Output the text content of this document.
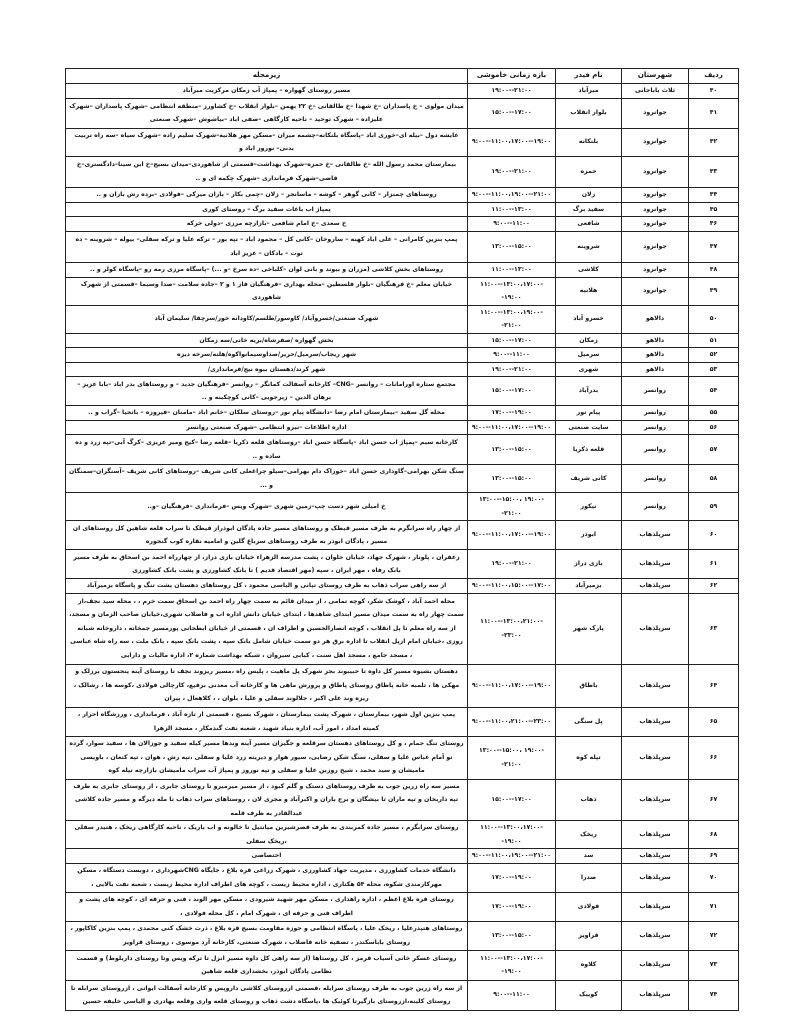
ردیف	شهرستان	نام فیدر	بازه زمانی خاموشی	زیرمحله
۴۰	ثلاث باباجانی	میرآباد	۱۹:۰۰--۲۱:۰۰	مسیر روستای گهواره – پمپاژ آب زمکان مرکزیت میرآباد
۴۱	جوانرود	بلوار انقلاب	۱۵:۰۰--۱۷:۰۰	میدان مولوی – خ پاسداران –خ شهدا –خ طالقانی –خ ۲۲ بهمن –بلوار انقلاب –خ کشاورز –منطقه انتظامی –شهرک پاسداران –شهرک علیزاده – شهرک توحید – ناحیه کارگاهی –صفی اباد –بیاشوش –شهرک صنعتی
۴۲	جوانرود	بلنکانه	۹:۰۰--۱۱:۰۰،۱۷:۰۰--۱۹:۰۰	عایشه دول –بیله ای–خوری اباد –پاسگاه بلنکانه–چشمه میران –مسکن مهر هلانیه–شهرک سلیم زاده –شهرک سیاه –سه راه تربیت بدنی– نوروز اباد و
۴۳	جوانرود	حمزه	۱۹:۰۰--۲۱:۰۰	بیمارستان محمد رسول الله –خ طالقانی –خ حمزه–شهرک بهداشت–قسمتی از شاهوردی–میدان بسیج–خ ابن سینا–دادگستری–خ قاضی–شهرک فرمانداری –شهرک چکمه ای و ..
۴۴	جوانرود	زلان	۹:۰۰--۱۱:۰۰،۱۹:۰۰--۲۱:۰۰	روستاهای چمنزار – کانی گوهر – کوشه – ماسانجر – زلان –چمی بکار – باران میرکی –فولادی –برده رش بازان و ..
۴۵	جوانرود	سفید برگ	۱۱:۰۰--۱۳:۰۰	پمپاژ اب باغات سفید برگ – روستای کوری
۴۶	جوانرود	شافعی	۹:۰۰--۱۱:۰۰	خ سعدی –خ امام شافعی –بازارچه مرزی –دولی خرکه
۴۷	جوانرود	شروینه	۱۳:۰۰--۱۵:۰۰	پمپ بنزین کامرانی – علی اباد کهنه – ساروخان –کانی کل – محمود اباد – تپه بور – ترکه علیا و ترکه سفلی– بیوله – شروینه – ده توت – بادکان – عزیز اباد
۴۸	جوانرود	کلاشی	۱۱:۰۰--۱۳:۰۰	روستاهای بخش کلاشی (مزران و بیوند و بانی لوان –کلباخی –ده سرخ –و ...) –پاسگاه مرزی رمه رو –پاسگاه کولر و ..
۴۹	جوانرود	هلانیه	۱۱:۰۰--۱۳:۰۰،۱۷:۰۰--۱۹:۰۰	خیابان معلم –خ فرهنگیان –بلوار فلسطین –محله بهداری –فرهنگیان فاز ۱ و ۲ –جاده سلامت –صدا وسیما –قسمتی از شهرک شاهوردی
۵۰	دالاهو	خسرو آباد	۱۱:۰۰--۱۳:۰۰،۱۹:۰۰--۲۱:۰۰	شهرک صنعتی/خسروآباد/ کاوسور/طلسم/کاودانه خور/سرچقا/ سلیمان آباد
۵۱	دالاهو	زمکان	۱۵:۰۰--۱۷:۰۰	بخش گهواره /صفرشاه/بریه خانی/سه زمکان
۵۲	دالاهو	سرمیل	۹:۰۰--۱۱:۰۰	شهر ریجاب/سرمیل/حریر/صداوسیمانواکوه/هلته/سرخه دیزه
۵۳	دالاهو	شهری	۱۹:۰۰--۲۱:۰۰	شهر کرند/دهستان بیوه نیج/فرمانداری/
۵۴	روانسر	بدرآباد	۱۵:۰۰--۱۷:۰۰	مجتمع ستاره اورامانات – روانسر –CNG– کارخانه آسفالت کمانگر – روانسر –فرهنگیان جدید – و روستاهای بدر اباد –بابا عزیز –برهان الدین – زیرجویی –کانی کوچکینه و ..
۵۵	روانسر	پیام نور	۱۷:۰۰--۱۹:۰۰	محله گل سفید –بیمارستان امام رضا –دانشگاه پیام نور –روستای سلکان –خانم اباد –مامنان –فیروزه – باتجیا –گراب و ..
۵۶	روانسر	سایت صنعتی	۹:۰۰--۱۱:۰۰،۱۷:۰۰--۱۹:۰۰	اداره اطلاعات –نیرو انتظامی –شهرک صنعتی روانسر
۵۷	روانسر	قلعه ذکریا	۱۳:۰۰--۱۵:۰۰	کارخانه سیم –پمپاژ اب حسن اباد –پاسگاه حسن اباد –روستاهای قلعه ذکریا –قلعه رضا –کیج ومیر عزیزی –کرگ آبی–تپه زرد و ده ساده و ..
۵۸	روانسر	کانی شریف	۱۳:۰۰--۱۵:۰۰	سنگ شکن بهرامی–گاوداری حسن اباد –خوراک دام بهرامی–سیلو چراغعلی کانی شریف –روستاهای کانی شریف –آسنگران–سمنگان و ...
۵۹	روانسر	نیکور	۱۳:۰۰--۱۵:۰۰، ۱۹:۰۰--۲۱:۰۰	خ امیلی شهر دست چپ–زمین شهری –شهرک ویس –فرمانداری –فرهنگیان –و..
۶۰	سرپلذهاب	ابوذر	۹:۰۰--۱۱:۰۰،۱۷:۰۰--۱۹:۰۰	از چهار راه سرابگرم به طرف مسیر قیطک و روستاهای مسیر جاده پادگان ابوذراز قیطک تا سراب قلعه شاهین کل روستاهای ان مسیر ، پادگان ابوذر به طرف روستاهای سرباغ گلین و امامیه نقاره کوب گنجوره
۶۱	سرپلذهاب	بازی دراز	۱۹:۰۰--۲۱:۰۰	زعفران ، پلونار ، شهرک جهاد، خیابان حلوان ، پشت مدرسه الزهراء خیابان بازی دراز، از چهارراه احمد بن اسحاق به طرف مسیر بانک رفاه ، مهر ایران ، سپه (مهر اقتصاد قدیم ) تا بانک کشاورزی و پشت بانک کشاورزی
۶۲	سرپلذهاب	بزمیرآباد	۹:۰۰--۱۱:۰۰،۱۵:۰۰--۱۷:۰۰	از سه راهی سراب ذهاب به طرف روستای تپانی و الیاسی محمود ، کل روستاهای دهستان پشت تنگ و پاسگاه بزمیرآباد
۶۳	سرپلذهاب	پارک شهر	۱۱:۰۰--۱۳:۰۰،۲۱:۰۰--۲۳:۰۰	محله احمد آباد ، کوشک شکر، کوچه تمامی ، از میدان قائم به سمت چهار راه احمد بن اسحاق سمت خرم ، ، محله سید نجف،از سمت چهار راه به سمت میدان مسیر ابتدای شاهدها ، ابتدای خیابان دانش اداره اب و فاضلاب شهری،خیابان صاحب الزمان و مسجد، از سه راه معلم تا پل انقلاب ، کوچه انصارالحسین و اطراف ان ، قسمتی از خیابان ابطحانی پورمسیر جمخانه ، داروخانه شبانه روزی ،خیابان امام ازپل انقلاب تا اداره برق هر دو سمت خیابان شامل بانک سپه ، پشت بانک سپه ، بانک ملت ، سه راه شاه عباسی ، مسجد جامع ، مسجد اهل سنت ، کبابی سیروان ، شبکه بهداشت شماره ۲، اداره مالیات و دارایی
۶۴	سرپلذهاب	باطاق	۹:۰۰--۱۱:۰۰،۱۷:۰۰--۱۹:۰۰	دهستان بشیوه مسیر کل داوه تا حبیبوند بجز شهرک پل ماهیت ، پلیس راه ،مسیر ریزوند نجف تا روستای آینه پنجستون برزلک و مهکی ها ، تلمبه خانه پاطاق روستای پاطاق و پرورش ماهی ها و کارخانه آب معدنی برفیع، کارچالی فولادی ،کوسه ها ، رشالک ، ریزه وند علی اکبر ، جلالوند سفلی و علیا ، بلوان ، ، کلاهعال ، پیران
۶۵	سرپلذهاب	پل سنگی	۹:۰۰--۱۱:۰۰،۲۱:۰۰--۲۳:۰۰	پمپ بنزین اول شهر، بیمارستان ، شهرک پشت بیمارستان ، شهرک بسیج ، قسمتی از تازه آباد ، فرمانداری ، ورزشگاه احرار ، کمیته امداد ، امور آب، اداره بنیاد شهید ، شعبه نفت گندمکار ، مسجد الزهرا
۶۶	سرپلذهاب	تپله کوه	۱۳:۰۰--۱۵:۰۰، ۱۹:۰۰--۲۱:۰۰	روستای تنگ حمام ، و کل روستاهای دهستان سرقلعه و جگیران مسیر آینه وندها مسیر کیله سفید و جوزالان ها ، سفید سوار، گرده تو آمام عباس علیا و سفلی، سنگ شکن رضایی، سیور هوار و دیرینه زرد علیا و سفلی ،تپه رش ، هوان ، تپه کنعان ، باویسی مامیشان و سید محمد ، شیخ روزبن علیا و سفلی و تپه نوروز و پمپاژ آب سراب مامیشان بازارچه تپله کوه
۶۷	سرپلذهاب	ذهاب	۱۵:۰۰--۱۷:۰۰	مسیر سه راه زرین جوب به طرف روستاهای دستک و گلم کبود ، از مسیر میرمیرو تا روستای جابری ، از روستای جابری به طرف تپه داربخان و تپه ماران تا بیشگان و برج باران و اکبرآباد و مجری لان ، روستاهای سراب ذهاب تا مله دیزگه و مسیر جاده کلاشی عبدالقادر به طرف قلمه
۶۸	سرپلذهاب	ریخک	۱۱:۰۰--۱۳:۰۰،۱۷:۰۰--۱۹:۰۰	روستای سرابگرم ، مسیر جاده کمربندی به طرف قصرشیرین میانتیل تا خالونه و اب باریک ، ناحیه کارگاهی ریخک ، هتیدر سفلی ،ریخک سفلی
۶۹	سرپلذهاب	سد	۹:۰۰--۱۱:۰۰،۱۹:۰۰--۲۱:۰۰	اختصاصی
۷۰	سرپلذهاب	صدرا	۱۷:۰۰--۱۹:۰۰	دانشگاه خدمات کشاورزی ، مدیریت جهاد کشاورزی ، شهرک زراعی قره بلاغ ، جایگاه CNGشهرداری ، دوبست دستگاه ، مسکن مهرکارمندی شکوه، محله ۵۴ هکتاری ، اداره محیط زیست ، کوچه های اطراف اداره محیط زیست ، شعبه نفت بالایی ،
۷۱	سرپلذهاب	فولادی	۱۷:۰۰--۱۹:۰۰	روستای قره بلاغ اعظم ، اداره راهداری ، مسکن مهر شهید شیرودی ، مسکن مهر الوند ، فنی و حرفه ای ، کوچه های پشت و اطراف فنی و حرفه ای ، شهرک امام ، کل محله فولادی ،
۷۲	سرپلذهاب	قراویز	۱۳:۰۰--۱۵:۰۰	روستاهای هتیدرعلیا ، ریخک علیا ، پاسگاه انتظامی و حوزه مقاومت بسیج قره بلاغ ، ذرت خشک کنی محمدی ، پمپ بنزین کاکاپور ، روستای باباسکندر ، تصفیه خانه فاضلاب ، شهرک صنعتی، کارخانه آرد موسوی ، روستای قراویز
۷۳	سرپلذهاب	کلاوه	۱۱:۰۰--۱۳:۰۰،۱۷:۰۰--۱۹:۰۰	روستای عسکر خانی آسیاب قرمز ، کل روستاها (از سه راهی کل داوه مسیر انزل تا ترکه ویس وتا روستای داربلوط) و قسمت نظامی پادگان ابوذر، بخشداری قلعه شاهین
۷۴	سرپلذهاب	کوییک	۹:۰۰--۱۱:۰۰	از سه راه زرین جوب به طرف روستای سرابله ،قسمتی ازروستای کلاشی داروپس و کارخانه آسفالت ایوانی ، ازروستای سرابله تا روستای کلینه،ازروستای بازگیرتا کوئیک ها ،پاسگاه دشت ذهاب و روستای قلعه واری وقلعه بهادری و الیاسی خلیفه حسین
